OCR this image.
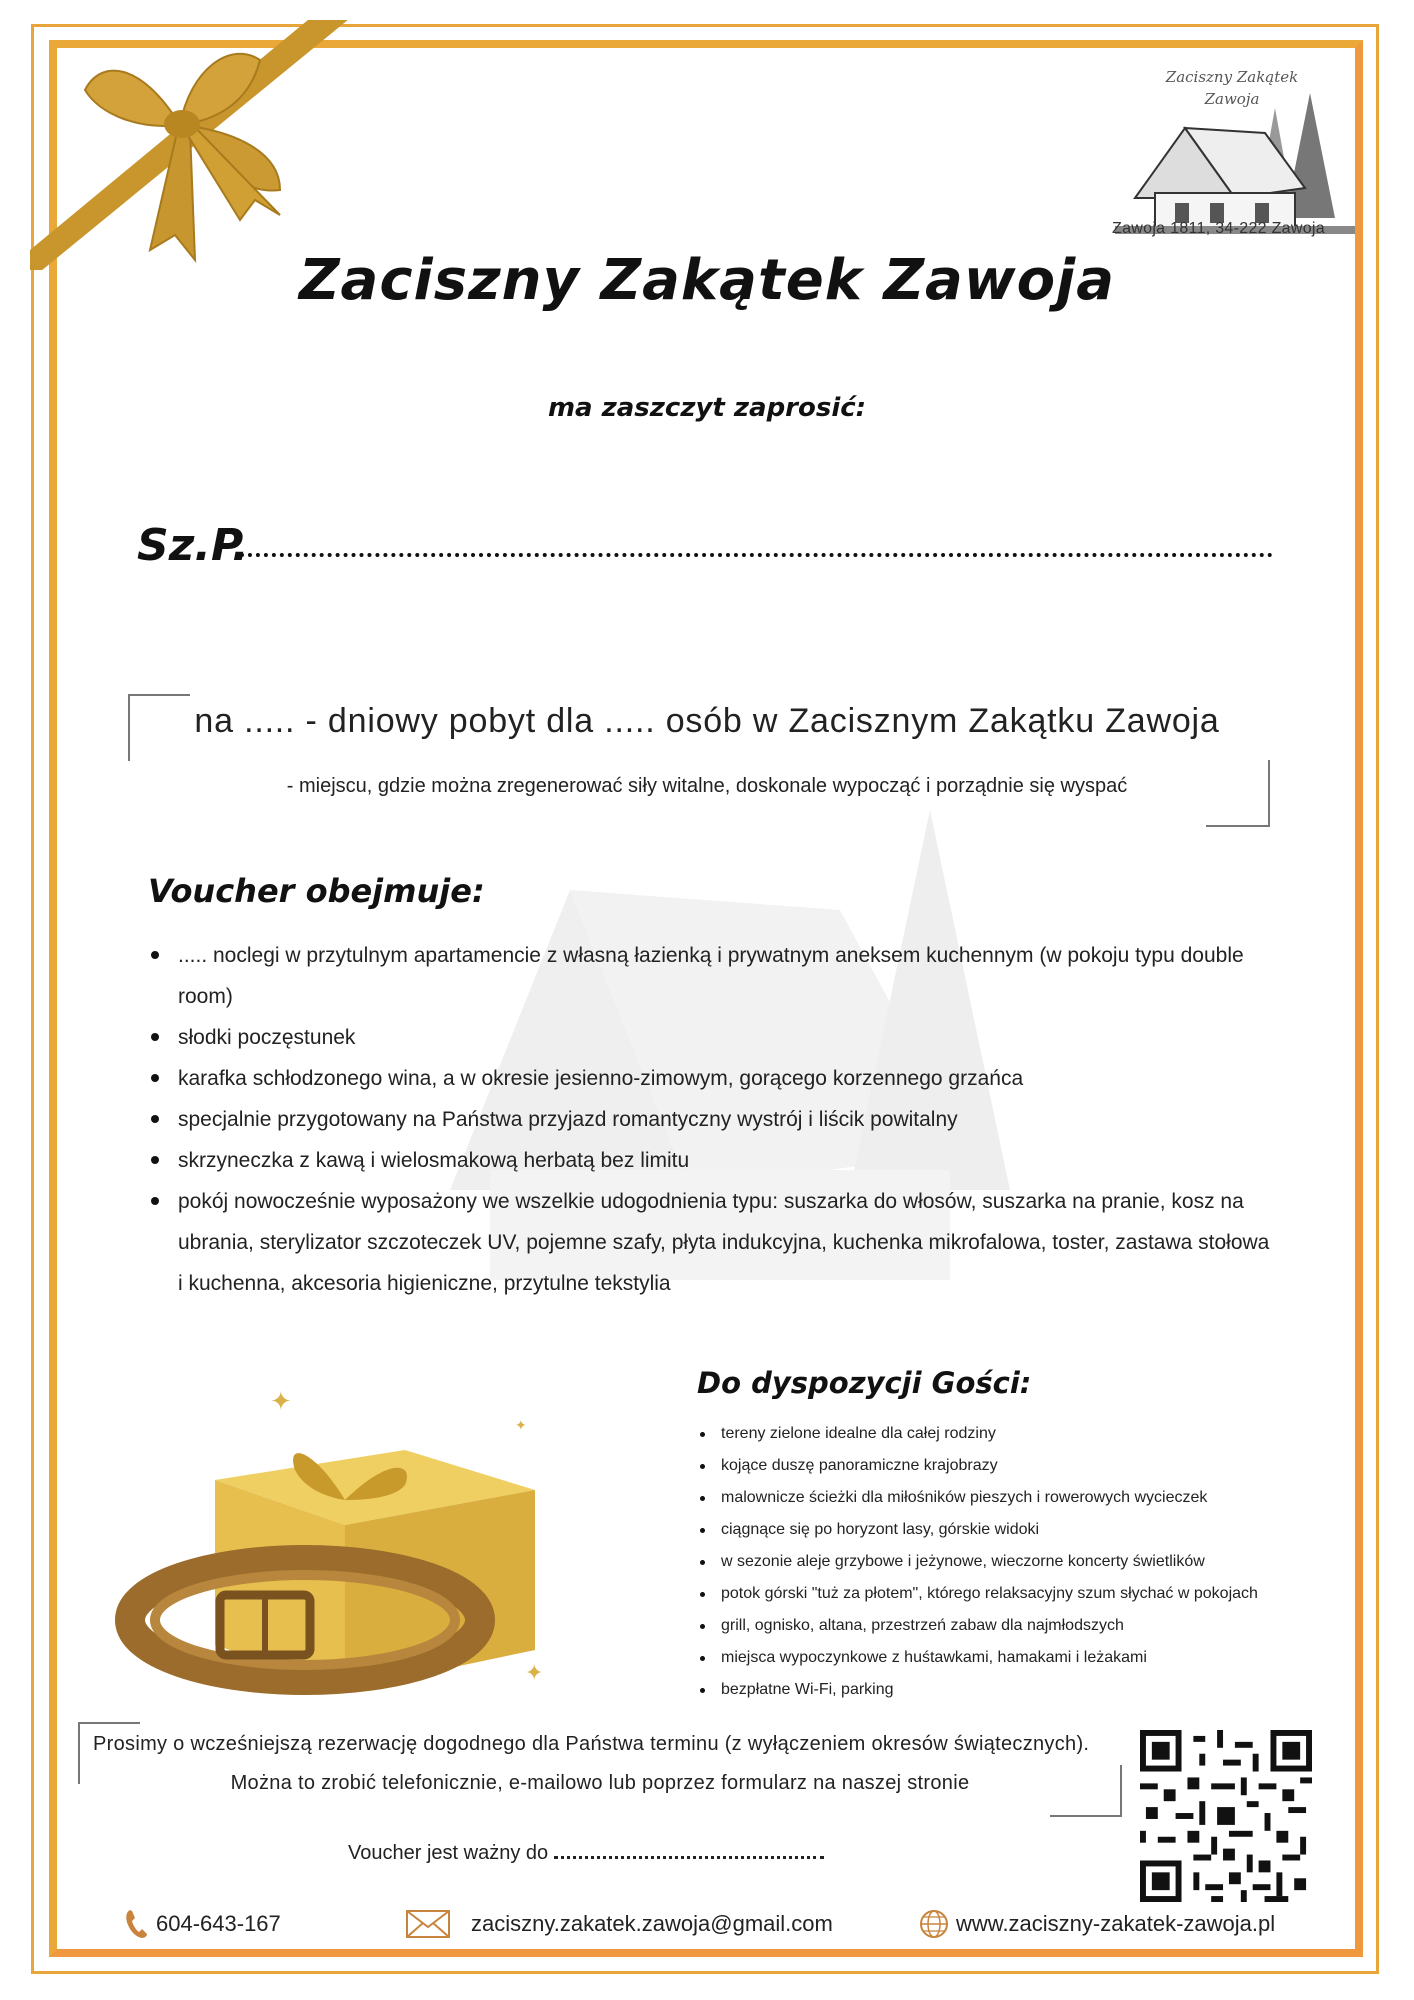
Zaciszny Zakątek
Zawoja
Zawoja 1811, 34-222 Zawoja
Zaciszny Zakątek Zawoja
ma zaszczyt zaprosić:
Sz.P.
na ..... - dniowy pobyt dla ..... osób w Zacisznym Zakątku Zawoja
- miejscu, gdzie można zregenerować siły witalne, doskonale wypocząć i porządnie się wyspać
Voucher obejmuje:
..... noclegi w przytulnym apartamencie z własną łazienką i prywatnym aneksem kuchennym (w pokoju typu double room)
słodki poczęstunek
karafka schłodzonego wina, a w okresie jesienno-zimowym, gorącego korzennego grzańca
specjalnie przygotowany na Państwa przyjazd romantyczny wystrój i liścik powitalny
skrzyneczka z kawą i wielosmakową herbatą bez limitu
pokój nowocześnie wyposażony we wszelkie udogodnienia typu: suszarka do włosów, suszarka na pranie, kosz na ubrania, sterylizator szczoteczek UV, pojemne szafy, płyta indukcyjna, kuchenka mikrofalowa, toster, zastawa stołowa i kuchenna, akcesoria higieniczne, przytulne tekstylia
✦
✦
✦
Do dyspozycji Gości:
tereny zielone idealne dla całej rodziny
kojące duszę panoramiczne krajobrazy
malownicze ścieżki dla miłośników pieszych i rowerowych wycieczek
ciągnące się po horyzont lasy, górskie widoki
w sezonie aleje grzybowe i jeżynowe, wieczorne koncerty świetlików
potok górski "tuż za płotem", którego relaksacyjny szum słychać w pokojach
grill, ognisko, altana, przestrzeń zabaw dla najmłodszych
miejsca wypoczynkowe z huśtawkami, hamakami i leżakami
bezpłatne Wi-Fi, parking
Prosimy o wcześniejszą rezerwację dogodnego dla Państwa terminu (z wyłączeniem okresów świątecznych).
Można to zrobić telefonicznie, e-mailowo lub poprzez formularz na naszej stronie
Voucher jest ważny do
604-643-167	zaciszny.zakatek.zawoja@gmail.com	www.zaciszny-zakatek-zawoja.pl
